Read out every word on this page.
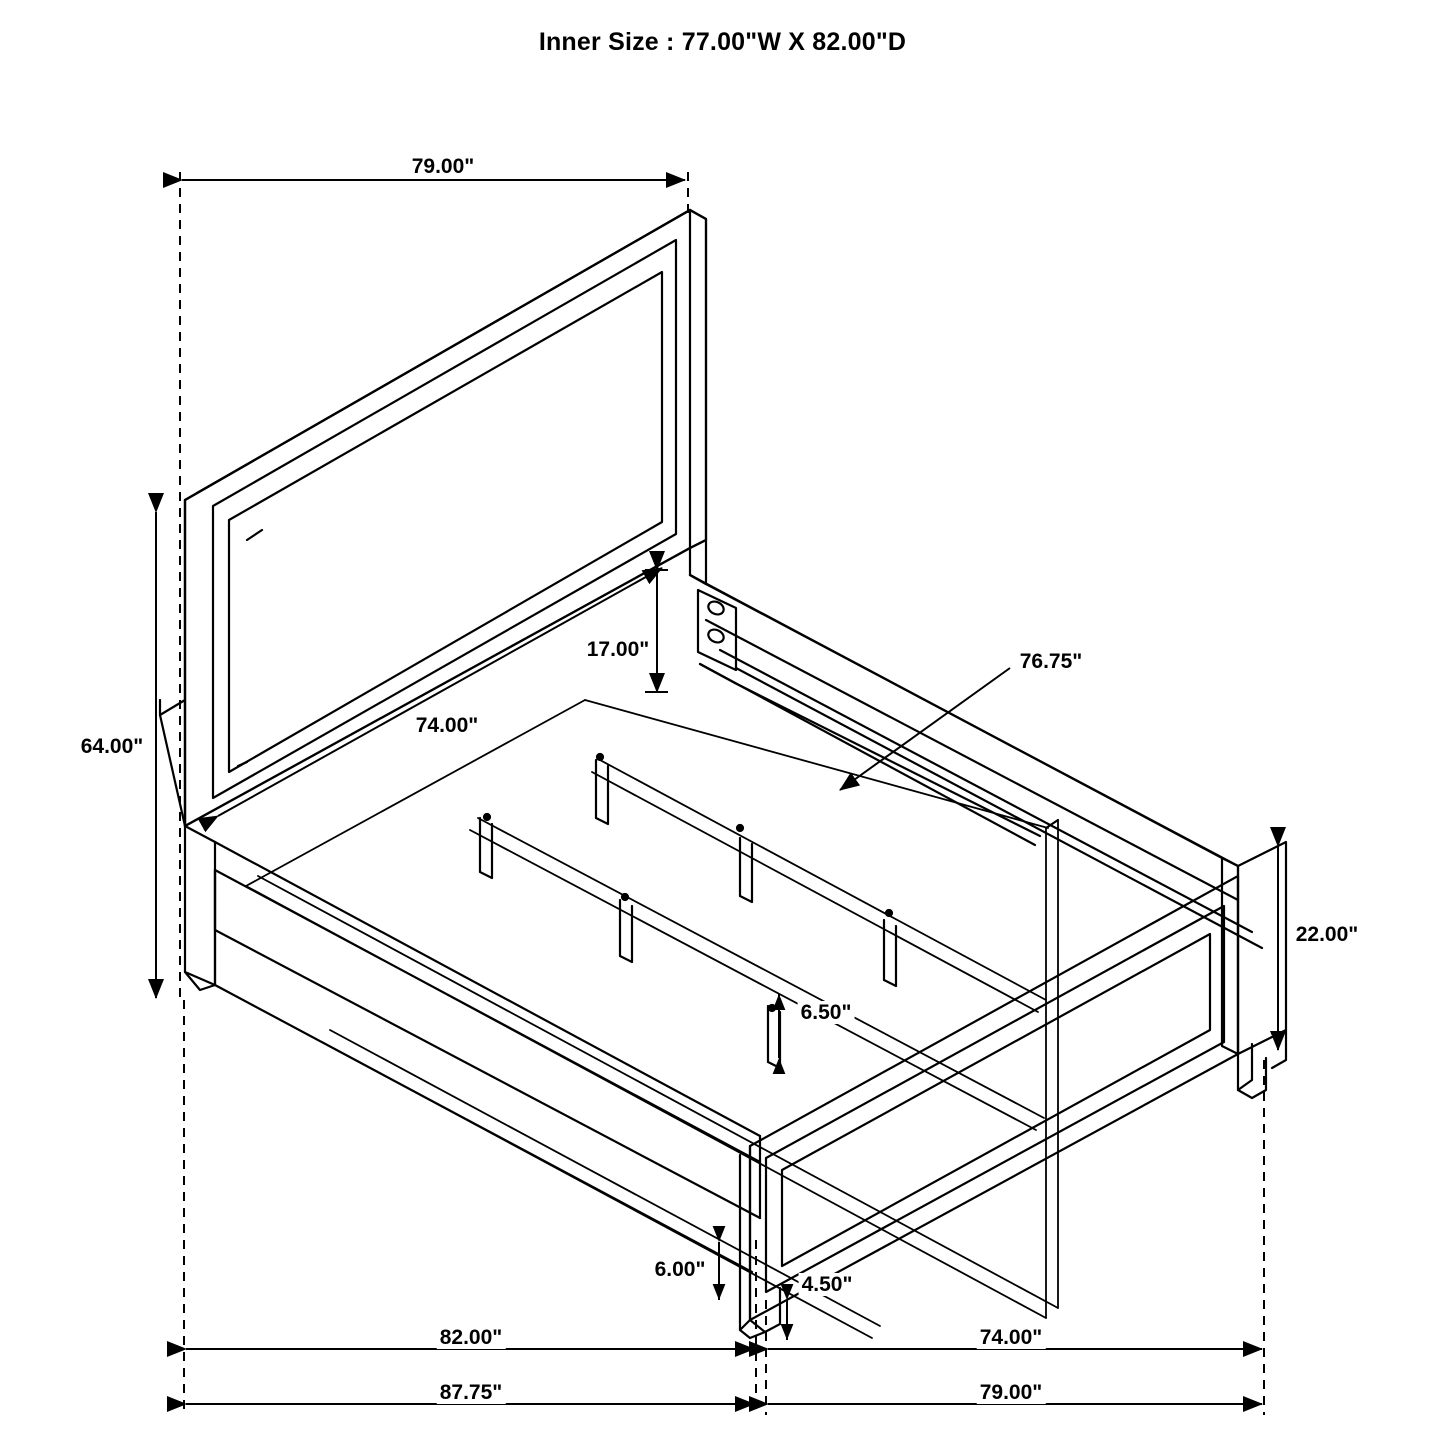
Inner Size : 77.00"W X 82.00"D
79.00"
64.00"
17.00"
74.00"
76.75"
22.00"
6.50"
6.00"
4.50"
82.00"	74.00"
87.75"	79.00"
